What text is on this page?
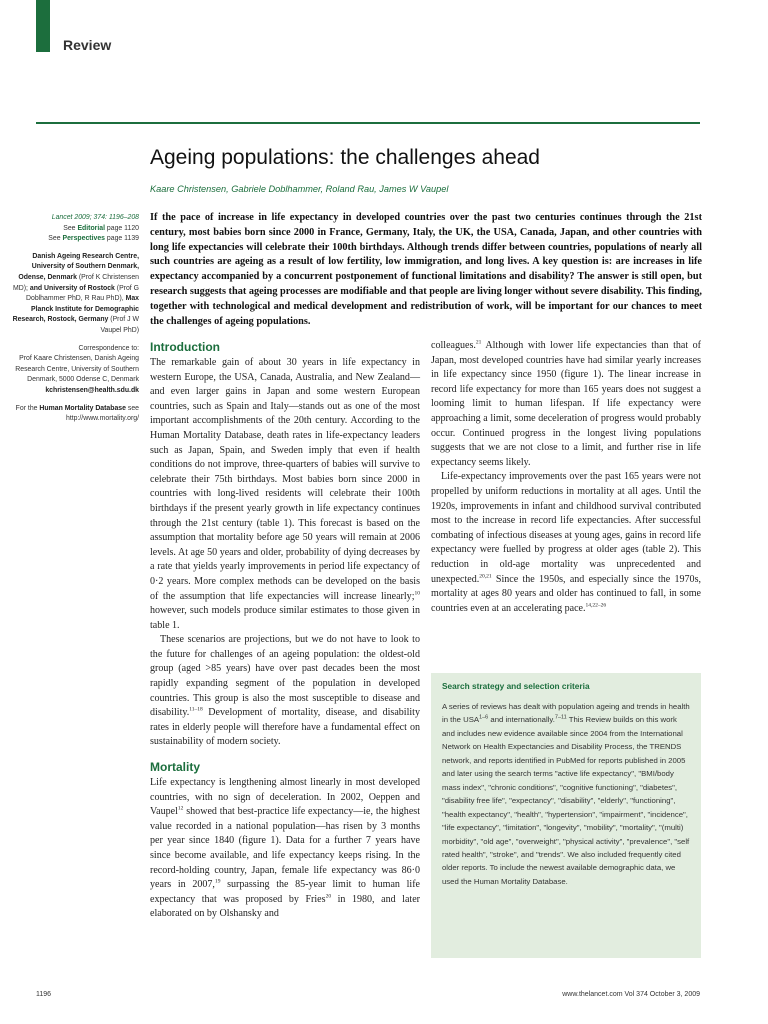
Review
Ageing populations: the challenges ahead
Kaare Christensen, Gabriele Doblhammer, Roland Rau, James W Vaupel

Lancet 2009; 374: 1196–208
See Editorial page 1120
See Perspectives page 1139

Danish Ageing Research Centre, University of Southern Denmark, Odense, Denmark (Prof K Christensen MD); and University of Rostock (Prof G Doblhammer PhD, R Rau PhD), Max Planck Institute for Demographic Research, Rostock, Germany (Prof J W Vaupel PhD)

Correspondence to:
Prof Kaare Christensen, Danish Ageing Research Centre, University of Southern Denmark, 5000 Odense C, Denmark
kchristensen@health.sdu.dk

For the Human Mortality Database see http://www.mortality.org/

If the pace of increase in life expectancy in developed countries over the past two centuries continues through the 21st century, most babies born since 2000 in France, Germany, Italy, the UK, the USA, Canada, Japan, and other countries with long life expectancies will celebrate their 100th birthdays. Although trends differ between countries, populations of nearly all such countries are ageing as a result of low fertility, low immigration, and long lives. A key question is: are increases in life expectancy accompanied by a concurrent postponement of functional limitations and disability? The answer is still open, but research suggests that ageing processes are modifiable and that people are living longer without severe disability. This finding, together with technological and medical development and redistribution of work, will be important for our chances to meet the challenges of ageing populations.
Introduction

The remarkable gain of about 30 years in life expectancy in western Europe, the USA, Canada, Australia, and New Zealand—and even larger gains in Japan and some western European countries, such as Spain and Italy—stands out as one of the most important accomplishments of the 20th century. According to the Human Mortality Database, death rates in life-expectancy leaders such as Japan, Spain, and Sweden imply that even if health conditions do not improve, three-quarters of babies will survive to celebrate their 75th birthdays. Most babies born since 2000 in countries with long-lived residents will celebrate their 100th birthdays if the present yearly growth in life expectancy continues through the 21st century (table 1). This forecast is based on the assumption that mortality before age 50 years will remain at 2006 levels. At age 50 years and older, probability of dying decreases by a rate that yields yearly improvements in period life expectancy of 0·2 years. More complex methods can be developed on the basis of the assumption that life expectancies will increase linearly;$^{10}$ however, such models produce similar estimates to those given in table 1.

These scenarios are projections, but we do not have to look to the future for challenges of an ageing population: the oldest-old group (aged >85 years) have over past decades been the most rapidly expanding segment of the population in developed countries. This group is also the most susceptible to disease and disability.$^{11-18}$ Development of mortality, disease, and disability rates in elderly people will therefore have a fundamental effect on sustainability of modern society.

Mortality

Life expectancy is lengthening almost linearly in most developed countries, with no sign of deceleration. In 2002, Oeppen and Vaupel$^{12}$ showed that best-practice life expectancy—ie, the highest value recorded in a national population—has risen by 3 months per year since 1840 (figure 1). Data for a further 7 years have since become available, and life expectancy keeps rising. In the record-holding country, Japan, female life expectancy was 86·0 years in 2007,19 surpassing the 85-year limit to human life expectancy that was proposed by Fries$^{20}$ in 1980, and later elaborated on by Olshansky and

colleagues.$^{21}$ Although with lower life expectancies than that of Japan, most developed countries have had similar yearly increases in life expectancy since 1950 (figure 1). The linear increase in record life expectancy for more than 165 years does not suggest a looming limit to human lifespan. If life expectancy were approaching a limit, some deceleration of progress would probably occur. Continued progress in the longest living populations suggests that we are not close to a limit, and further rise in life expectancy seems likely.

Life-expectancy improvements over the past 165 years were not propelled by uniform reductions in mortality at all ages. Until the 1920s, improvements in infant and childhood survival contributed most to the increase in record life expectancies. After successful combating of infectious diseases at young ages, gains in record life expectancy were fuelled by progress at older ages (table 2). This reduction in old-age mortality was unprecedented and unexpected.$^{20,21}$ Since the 1950s, and especially since the 1970s, mortality at ages 80 years and older has continued to fall, in some countries even at an accelerating pace.$^{14,22-26}$

Search strategy and selection criteria

A series of reviews has dealt with population ageing and trends in health in the USA$^{1-6}$ and internationally.$^{7-11}$ This Review builds on this work and includes new evidence available since 2004 from the International Network on Health Expectancies and Disability Process, the TRENDS network, and reports identified in PubMed for reports published in 2005 and later using the search terms "active life expectancy", "BMI/body mass index", "chronic conditions", "cognitive functioning", "diabetes", "disability free life", "expectancy", "disability", "elderly", "functioning", "health expectancy", "health", "hypertension", "impairment", "incidence", "life expectancy", "limitation", "longevity", "mobility", "mortality", "(multi) morbidity", "old age", "overweight", "physical activity", "prevalence", "self rated health", "stroke", and "trends". We also included frequently cited older reports. To include the newest available demographic data, we used the Human Mortality Database.

1196	www.thelancet.com Vol 374 October 3, 2009
